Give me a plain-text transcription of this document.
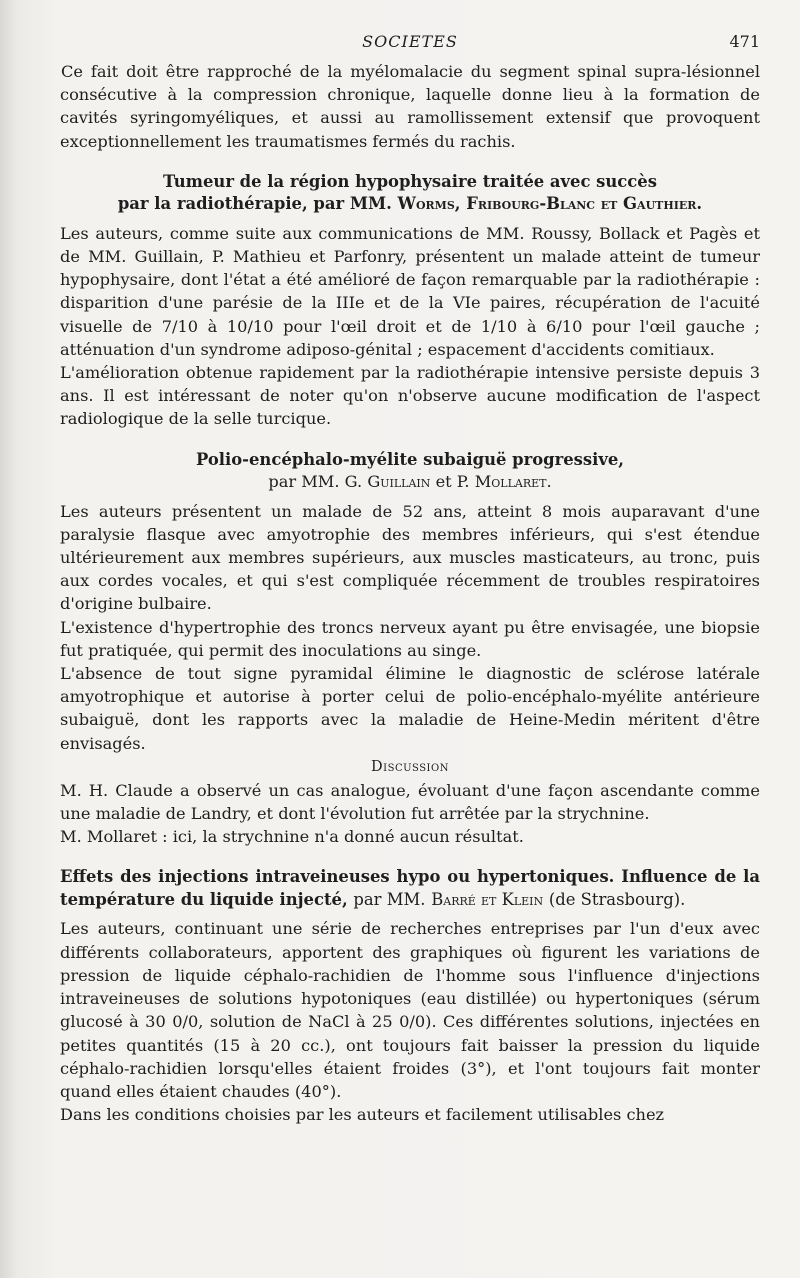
SOCIETES	471

Ce fait doit être rapproché de la myélomalacie du segment spinal supra-lésionnel consécutive à la compression chronique, laquelle donne lieu à la formation de cavités syringomyéliques, et aussi au ramollissement extensif que provoquent exceptionnellement les traumatismes fermés du rachis.

Tumeur de la région hypophysaire traitée avec succès
par la radiothérapie, par MM. Worms, Fribourg-Blanc et Gauthier.

Les auteurs, comme suite aux communications de MM. Roussy, Bollack et Pagès et de MM. Guillain, P. Mathieu et Parfonry, présentent un malade atteint de tumeur hypophysaire, dont l'état a été amélioré de façon remarquable par la radiothérapie : disparition d'une parésie de la IIIe et de la VIe paires, récupération de l'acuité visuelle de 7/10 à 10/10 pour l'œil droit et de 1/10 à 6/10 pour l'œil gauche ; atténuation d'un syndrome adiposo-génital ; espacement d'accidents comitiaux.

L'amélioration obtenue rapidement par la radiothérapie intensive persiste depuis 3 ans. Il est intéressant de noter qu'on n'observe aucune modification de l'aspect radiologique de la selle turcique.

Polio-encéphalo-myélite subaiguë progressive,
par MM. G. Guillain et P. Mollaret.

Les auteurs présentent un malade de 52 ans, atteint 8 mois auparavant d'une paralysie flasque avec amyotrophie des membres inférieurs, qui s'est étendue ultérieurement aux membres supérieurs, aux muscles masticateurs, au tronc, puis aux cordes vocales, et qui s'est compliquée récemment de troubles respiratoires d'origine bulbaire.

L'existence d'hypertrophie des troncs nerveux ayant pu être envisagée, une biopsie fut pratiquée, qui permit des inoculations au singe.

L'absence de tout signe pyramidal élimine le diagnostic de sclérose latérale amyotrophique et autorise à porter celui de polio-encéphalo-myélite antérieure subaiguë, dont les rapports avec la maladie de Heine-Medin méritent d'être envisagés.

Discussion

M. H. Claude a observé un cas analogue, évoluant d'une façon ascendante comme une maladie de Landry, et dont l'évolution fut arrêtée par la strychnine.

M. Mollaret : ici, la strychnine n'a donné aucun résultat.

Effets des injections intraveineuses hypo ou hypertoniques. Influence de la température du liquide injecté, par MM. Barré et Klein (de Strasbourg).

Les auteurs, continuant une série de recherches entreprises par l'un d'eux avec différents collaborateurs, apportent des graphiques où figurent les variations de pression de liquide céphalo-rachidien de l'homme sous l'influence d'injections intraveineuses de solutions hypotoniques (eau distillée) ou hypertoniques (sérum glucosé à 30 0/0, solution de NaCl à 25 0/0). Ces différentes solutions, injectées en petites quantités (15 à 20 cc.), ont toujours fait baisser la pression du liquide céphalo-rachidien lorsqu'elles étaient froides (3°), et l'ont toujours fait monter quand elles étaient chaudes (40°).

Dans les conditions choisies par les auteurs et facilement utilisables chez
